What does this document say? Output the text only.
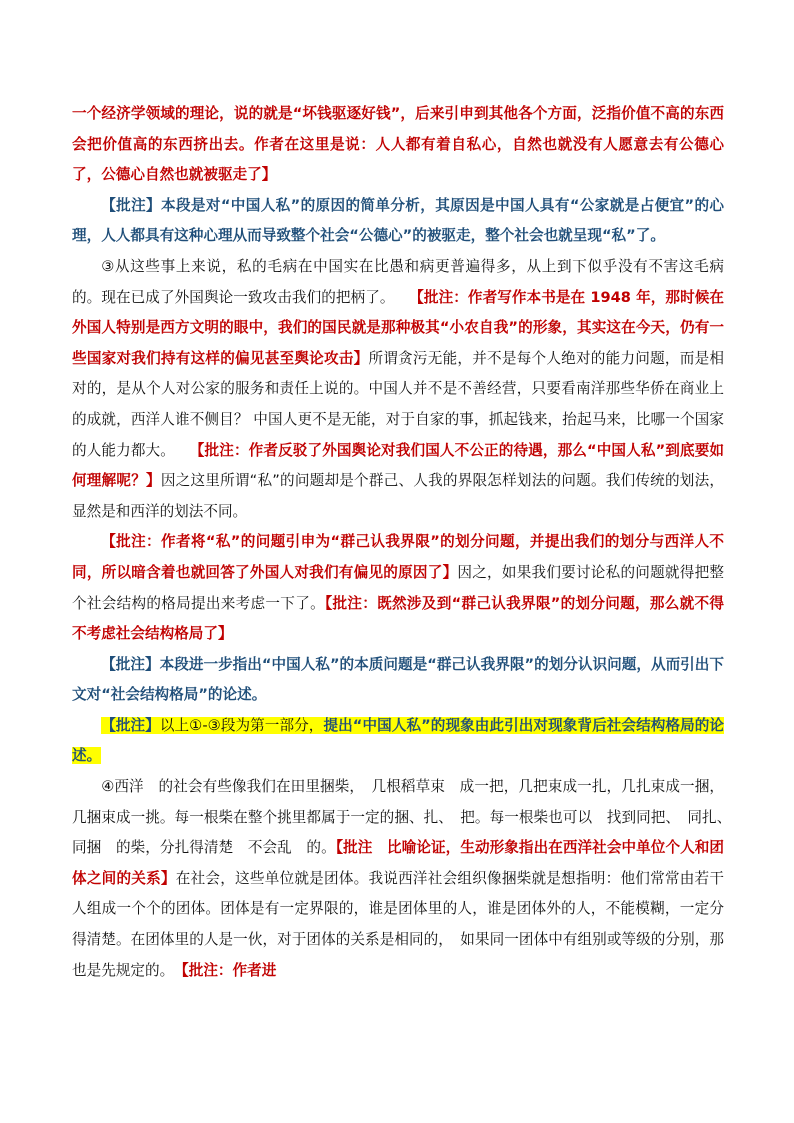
一个经济学领域的理论，说的就是“坏钱驱逐好钱”，后来引申到其他各个方面，泛指价值不高的东西会把价值高的东西挤出去。作者在这里是说：人人都有着自私心，自然也就没有人愿意去有公德心了，公德心自然也就被驱走了】

【批注】本段是对“中国人私”的原因的简单分析，其原因是中国人具有“公家就是占便宜”的心理，人人都具有这种心理从而导致整个社会“公德心”的被驱走，整个社会也就呈现“私”了。

③从这些事上来说，私的毛病在中国实在比愚和病更普遍得多，从上到下似乎没有不害这毛病的。现在已成了外国舆论一致攻击我们的把柄了。　　【批注：作者写作本书是在 1948 年，那时候在外国人特别是西方文明的眼中，我们的国民就是那种极其“小农自我”的形象，其实这在今天，仍有一些国家对我们持有这样的偏见甚至舆论攻击】所谓贪污无能，并不是每个人绝对的能力问题，而是相对的，是从个人对公家的服务和责任上说的。中国人并不是不善经营，只要看南洋那些华侨在商业上的成就，西洋人谁不侧目？ 中国人更不是无能，对于自家的事，抓起钱来，抬起马来，比哪一个国家的人能力都大。　　【批注：作者反驳了外国舆论对我们国人不公正的待遇，那么“中国人私”到底要如何理解呢？】因之这里所谓“私”的问题却是个群己、人我的界限怎样划法的问题。我们传统的划法，显然是和西洋的划法不同。

【批注：作者将“私”的问题引申为“群己认我界限”的划分问题，并提出我们的划分与西洋人不同，所以暗含着也就回答了外国人对我们有偏见的原因了】因之，如果我们要讨论私的问题就得把整个社会结构的格局提出来考虑一下了。【批注：既然涉及到“群己认我界限”的划分问题，那么就不得不考虑社会结构格局了】

【批注】本段进一步指出“中国人私”的本质问题是“群己认我界限”的划分认识问题，从而引出下文对“社会结构格局”的论述。

【批注】以上①-③段为第一部分，提出“中国人私”的现象由此引出对现象背后社会结构格局的论述。

④西洋　的社会有些像我们在田里捆柴，　几根稻草束　成一把，几把束成一扎，几扎束成一捆，几捆束成一挑。每一根柴在整个挑里都属于一定的捆、扎、　把。每一根柴也可以　找到同把、　同扎、　同捆　的柴，分扎得清楚　不会乱　的。【批注　比喻论证，生动形象指出在西洋社会中单位个人和团体之间的关系】在社会，这些单位就是团体。我说西洋社会组织像捆柴就是想指明：他们常常由若干人组成一个个的团体。团体是有一定界限的，谁是团体里的人，谁是团体外的人，不能模糊，一定分得清楚。在团体里的人是一伙，对于团体的关系是相同的，　如果同一团体中有组别或等级的分别，那也是先规定的。　【批注：作者进
